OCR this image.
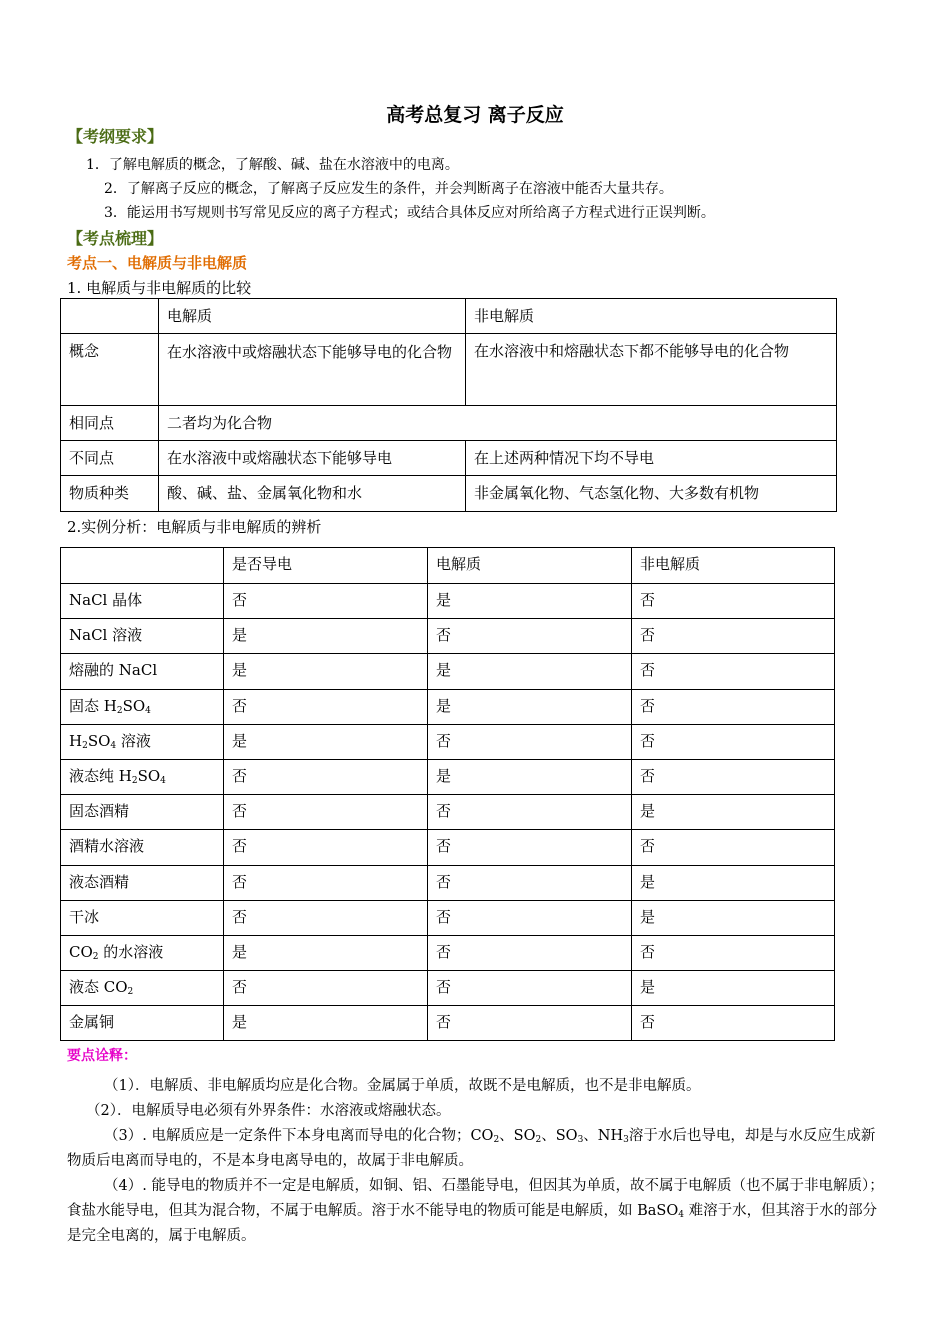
高考总复习 离子反应
【考纲要求】
1．了解电解质的概念，了解酸、碱、盐在水溶液中的电离。
2．了解离子反应的概念，了解离子反应发生的条件，并会判断离子在溶液中能否大量共存。
3．能运用书写规则书写常见反应的离子方程式；或结合具体反应对所给离子方程式进行正误判断。
【考点梳理】
考点一、电解质与非电解质
1. 电解质与非电解质的比较
	电解质	非电解质
概念	在水溶液中或熔融状态下能够导电的化合物	在水溶液中和熔融状态下都不能够导电的化合物
相同点	二者均为化合物	
不同点	在水溶液中或熔融状态下能够导电	在上述两种情况下均不导电
物质种类	酸、碱、盐、金属氧化物和水	非金属氧化物、气态氢化物、大多数有机物
2.实例分析：电解质与非电解质的辨析
	是否导电	电解质	非电解质
NaCl 晶体	否	是	否
NaCl 溶液	是	否	否
熔融的 NaCl	是	是	否
固态 $H_2SO_4$	否	是	否
$H_2SO_4$ 溶液	是	否	否
液态纯 $H_2SO_4$	否	是	否
固态酒精	否	否	是
酒精水溶液	否	否	否
液态酒精	否	否	是
干冰	否	否	是
$CO_2$ 的水溶液	是	否	否
液态 $CO_2$	否	否	是
金属铜	是	否	否
要点诠释：
（1）．电解质、非电解质均应是化合物。金属属于单质，故既不是电解质，也不是非电解质。
（2）．电解质导电必须有外界条件：水溶液或熔融状态。
（3）. 电解质应是一定条件下本身电离而导电的化合物；$CO_2$、$SO_2$、$SO_3$、$NH_3$溶于水后也导电，却是与水反应生成新物质后电离而导电的，不是本身电离导电的，故属于非电解质。
（4）. 能导电的物质并不一定是电解质，如铜、铝、石墨能导电，但因其为单质，故不属于电解质（也不属于非电解质）；食盐水能导电，但其为混合物，不属于电解质。溶于水不能导电的物质可能是电解质，如 BaSO$_4$ 难溶于水，但其溶于水的部分是完全电离的，属于电解质。
